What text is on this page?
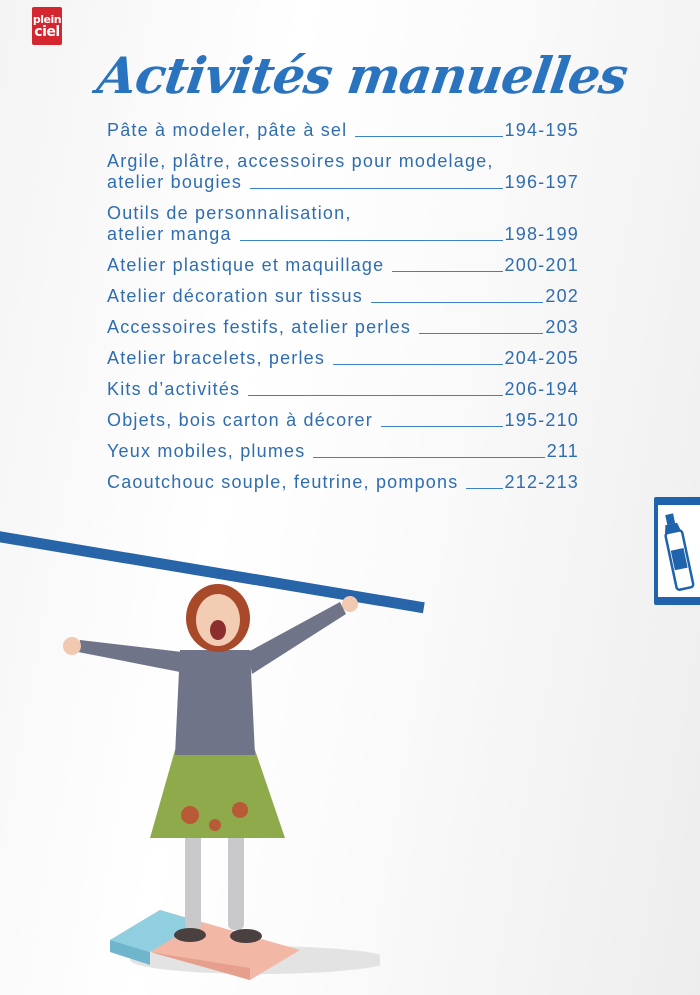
plein
ciel
Activités manuelles
Pâte à modeler, pâte à sel	194-195
Argile, plâtre, accessoires pour modelage,
atelier bougies	196-197
Outils de personnalisation,
atelier manga	198-199
Atelier plastique et maquillage	200-201
Atelier décoration sur tissus	202
Accessoires festifs, atelier perles	203
Atelier bracelets, perles	204-205
Kits d’activités	206-194
Objets, bois carton à décorer	195-210
Yeux mobiles, plumes	211
Caoutchouc souple, feutrine, pompons	212-213
